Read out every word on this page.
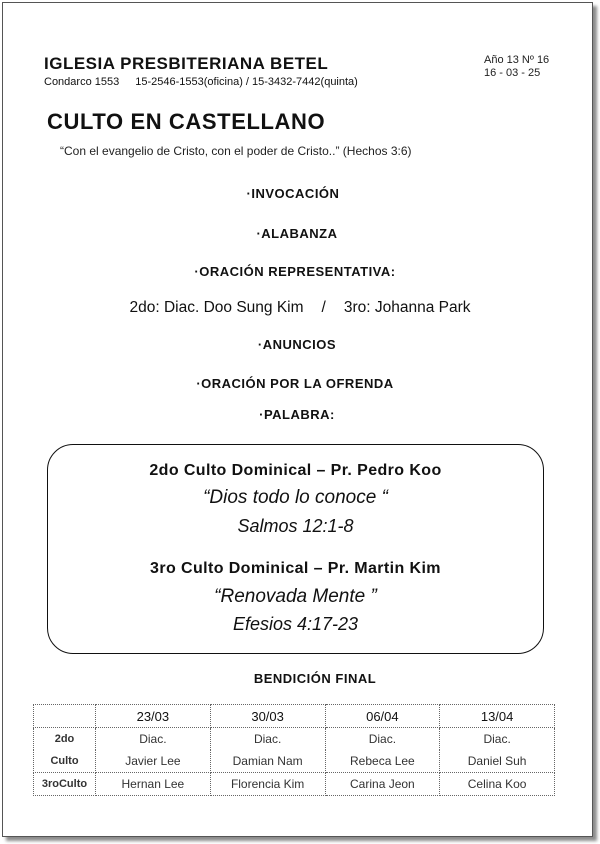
IGLESIA PRESBITERIANA BETEL
Condarco 1553 15-2546-1553(oficina) / 15-3432-7442(quinta)
Año 13 Nº 16
16 - 03 - 25
CULTO EN CASTELLANO
“Con el evangelio de Cristo, con el poder de Cristo..” (Hechos 3:6)
·INVOCACIÓN
·ALABANZA
·ORACIÓN REPRESENTATIVA:
2do: Diac. Doo Sung Kim / 3ro: Johanna Park
·ANUNCIOS
·ORACIÓN POR LA OFRENDA
·PALABRA:
2do Culto Dominical – Pr. Pedro Koo
“Dios todo lo conoce “
Salmos 12:1-8
3ro Culto Dominical – Pr. Martin Kim
“Renovada Mente ”
Efesios 4:17-23
BENDICIÓN FINAL
	23/03	30/03	06/04	13/04
2do	Diac.	Diac.	Diac.	Diac.
Culto	Javier Lee	Damian Nam	Rebeca Lee	Daniel Suh
3roCulto	Hernan Lee	Florencia Kim	Carina Jeon	Celina Koo
